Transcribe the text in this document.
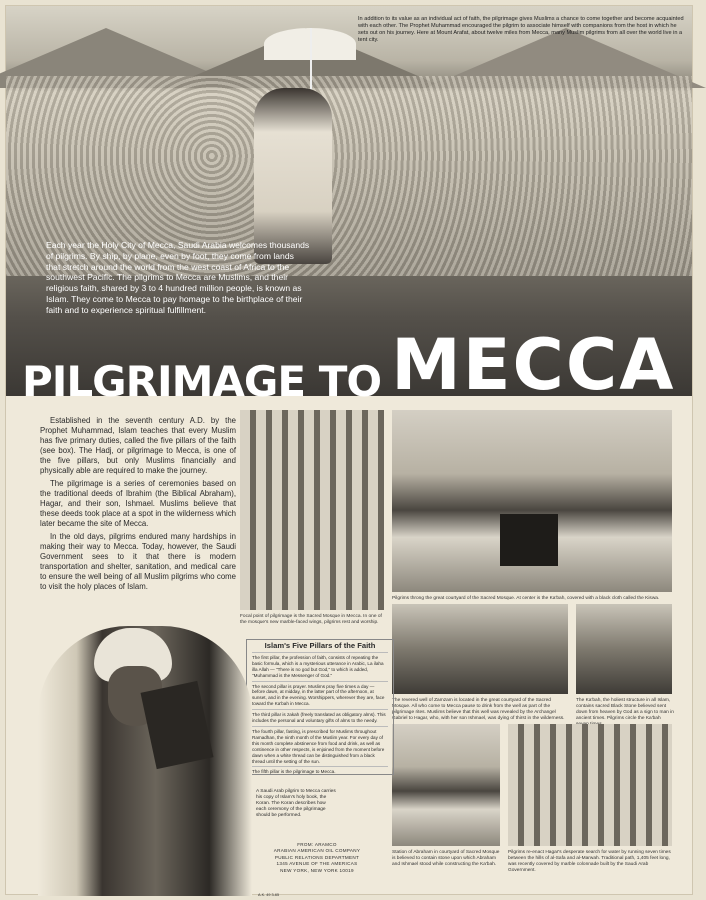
In addition to its value as an individual act of faith, the pilgrimage gives Muslims a chance to come together and become acquainted with each other. The Prophet Muhammad encouraged the pilgrim to associate himself with companions from the host in which he sets out on his journey. Here at Mount Arafat, about twelve miles from Mecca, many Muslim pilgrims from all over the world live in a tent city.
Each year the Holy City of Mecca, Saudi Arabia welcomes thousands of pilgrims. By ship, by plane, even by foot, they come from lands that stretch around the world from the west coast of Africa to the southwest Pacific. The pilgrims to Mecca are Muslims, and their religious faith, shared by 3 to 4 hundred million people, is known as Islam. They come to Mecca to pay homage to the birthplace of their faith and to experience spiritual fulfillment.
PILGRIMAGE TO MECCA

Established in the seventh century A.D. by the Prophet Muhammad, Islam teaches that every Muslim has five primary duties, called the five pillars of the faith (see box). The Hadj, or pilgrimage to Mecca, is one of the five pillars, but only Muslims financially and physically able are required to make the journey.

The pilgrimage is a series of ceremonies based on the traditional deeds of Ibrahim (the Biblical Abraham), Hagar, and their son, Ishmael. Muslims believe that these deeds took place at a spot in the wilderness which later became the site of Mecca.

In the old days, pilgrims endured many hardships in making their way to Mecca. Today, however, the Saudi Government sees to it that there is modern transportation and shelter, sanitation, and medical care to ensure the well being of all Muslim pilgrims who come to visit the holy places of Islam.

Focal point of pilgrimage is the Sacred Mosque in Mecca. In one of the mosque's new marble-faced wings, pilgrims rest and worship.
Pilgrims throng the great courtyard of the Sacred Mosque. At center is the Ka'bah, covered with a black cloth called the Kiswa.
The revered well of Zamzam is located in the great courtyard of the Sacred Mosque. All who come to Mecca pause to drink from the well as part of the pilgrimage rites. Muslims believe that this well was revealed by the Archangel Gabriel to Hagar, who, with her son Ishmael, was dying of thirst in the wilderness.
The Ka'bah, the holiest structure in all Islam, contains sacred Black Stone believed sent down from heaven by God as a sign to man in ancient times. Pilgrims circle the Ka'bah
Station of Abraham in courtyard of Sacred Mosque is believed to contain stone upon which Abraham and Ishmael stood while constructing the Ka'bah.
Pilgrims re-enact Hagar's desperate search for water by running seven times between the hills of al-Safa and al-Marwah. Traditional path, 1,405 feet long, was recently covered by marble colonnade built by the Saudi Arab Government.
Islam's Five Pillars of the Faith
The first pillar, the profession of faith, consists of repeating the basic formula, which is a mysterious utterance in Arabic, La ilaha illa Allah — "There is no god but God," to which is added, "Muhammad is the Messenger of God."
The second pillar is prayer. Muslims pray five times a day — before dawn, at midday, in the latter part of the afternoon, at sunset, and in the evening. Worshippers, wherever they are, face toward the Ka'bah in Mecca.
The third pillar is zakah (freely translated as obligatory alms). This includes the personal and voluntary gifts of alms to the needy.
The fourth pillar, fasting, is prescribed for Muslims throughout Ramadhan, the ninth month of the Muslim year. For every day of this month complete abstinence from food and drink, as well as continence in other respects, is enjoined from the moment before dawn when a white thread can be distinguished from a black thread until the setting of the sun.
The fifth pillar is the pilgrimage to Mecca.
A Saudi Arab pilgrim to Mecca carries his copy of Islam's holy book, the Koran. The Koran describes how each ceremony of the pilgrimage should be performed.
FROM: ARAMCO
ARABIAN AMERICAN OIL COMPANY
PUBLIC RELATIONS DEPARTMENT
1345 AVENUE OF THE AMERICAS
NEW YORK, NEW YORK 10019
A.K. 49 3-65
